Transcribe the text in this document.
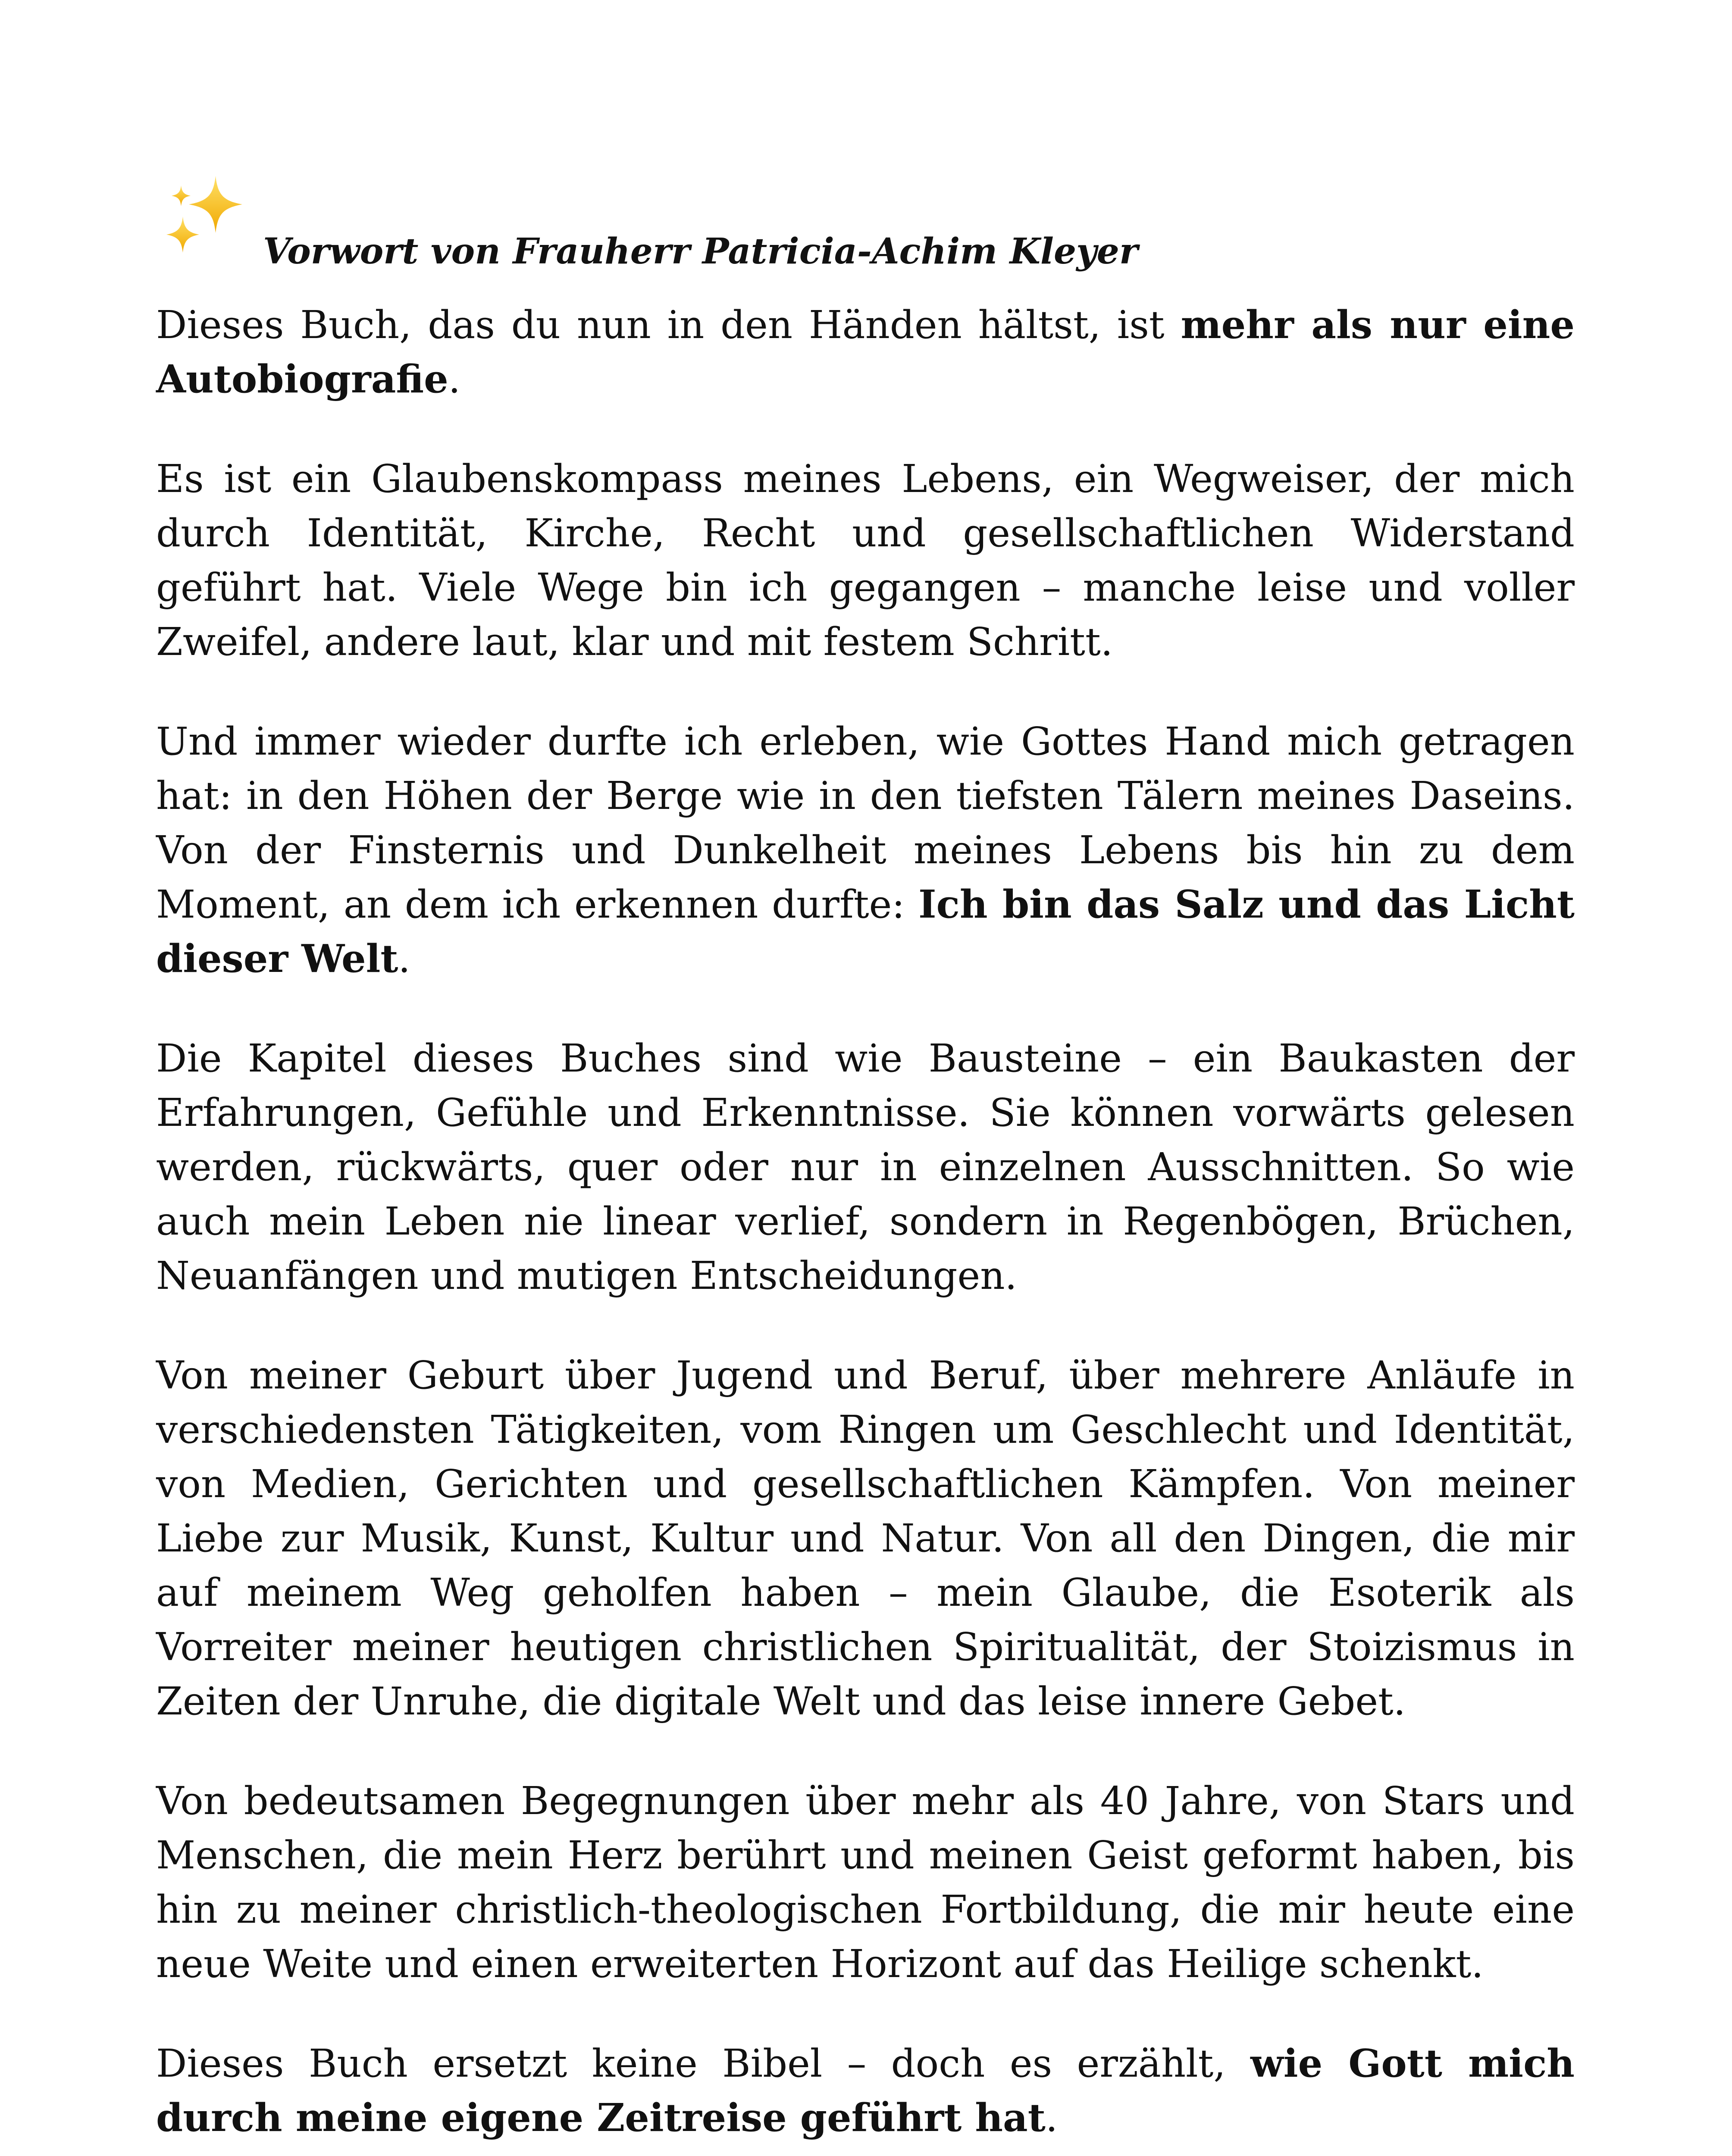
Vorwort von Frauherr Patricia-Achim Kleyer

Dieses Buch, das du nun in den Händen hältst, ist mehr als nur eine Autobiografie.

Es ist ein Glaubenskompass meines Lebens, ein Wegweiser, der mich durch Identität, Kirche, Recht und gesellschaftlichen Widerstand geführt hat. Viele Wege bin ich gegangen – manche leise und voller Zweifel, andere laut, klar und mit festem Schritt.

Und immer wieder durfte ich erleben, wie Gottes Hand mich getragen hat: in den Höhen der Berge wie in den tiefsten Tälern meines Daseins. Von der Finsternis und Dunkelheit meines Lebens bis hin zu dem Moment, an dem ich erkennen durfte: Ich bin das Salz und das Licht dieser Welt.

Die Kapitel dieses Buches sind wie Bausteine – ein Baukasten der Erfahrungen, Gefühle und Erkenntnisse. Sie können vorwärts gelesen werden, rückwärts, quer oder nur in einzelnen Ausschnitten. So wie auch mein Leben nie linear verlief, sondern in Regenbögen, Brüchen, Neuanfängen und mutigen Entscheidungen.

Von meiner Geburt über Jugend und Beruf, über mehrere Anläufe in verschiedensten Tätigkeiten, vom Ringen um Geschlecht und Identität, von Medien, Gerichten und gesellschaftlichen Kämpfen. Von meiner Liebe zur Musik, Kunst, Kultur und Natur. Von all den Dingen, die mir auf meinem Weg geholfen haben – mein Glaube, die Esoterik als Vorreiter meiner heutigen christlichen Spiritualität, der Stoizismus in Zeiten der Unruhe, die digitale Welt und das leise innere Gebet.

Von bedeutsamen Begegnungen über mehr als 40 Jahre, von Stars und Menschen, die mein Herz berührt und meinen Geist geformt haben, bis hin zu meiner christlich-theologischen Fortbildung, die mir heute eine neue Weite und einen erweiterten Horizont auf das Heilige schenkt.

Dieses Buch ersetzt keine Bibel – doch es erzählt, wie Gott mich durch meine eigene Zeitreise geführt hat.
